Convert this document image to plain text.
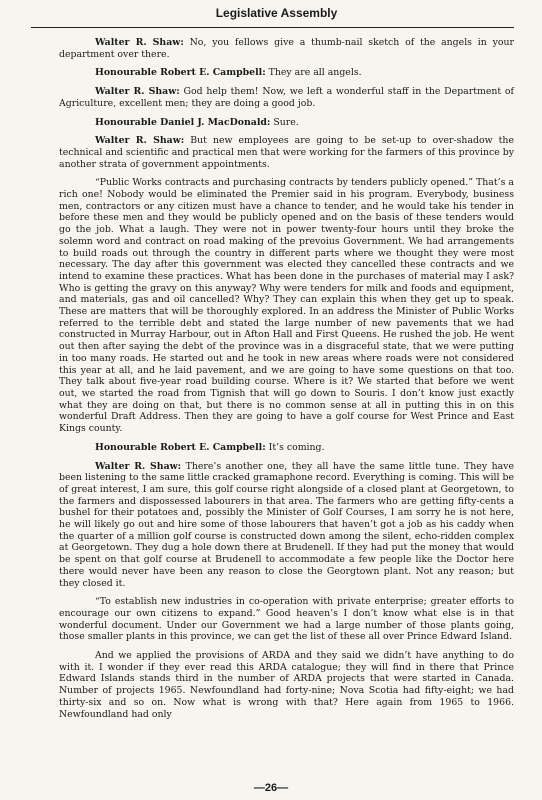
Legislative Assembly

Walter R. Shaw: No, you fellows give a thumb-nail sketch of the angels in your department over there.

Honourable Robert E. Campbell: They are all angels.

Walter R. Shaw: God help them! Now, we left a wonderful staff in the Department of Agriculture, excellent men; they are doing a good job.

Honourable Daniel J. MacDonald: Sure.

Walter R. Shaw: But new employees are going to be set-up to over-shadow the technical and scientific and practical men that were working for the farmers of this province by another strata of government appointments.

“Public Works contracts and purchasing contracts by tenders publicly opened.” That’s a rich one! Nobody would be eliminated the Premier said in his program. Everybody, business men, contractors or any citizen must have a chance to tender, and he would take his tender in before these men and they would be publicly opened and on the basis of these tenders would go the job. What a laugh. They were not in power twenty-four hours until they broke the solemn word and contract on road making of the prevoius Government. We had arrangements to build roads out through the country in different parts where we thought they were most necessary. The day after this government was elected they cancelled these contracts and we intend to examine these practices. What has been done in the purchases of material may I ask? Who is getting the gravy on this anyway? Why were tenders for milk and foods and equipment, and materials, gas and oil cancelled? Why? They can explain this when they get up to speak. These are matters that will be thoroughly explored. In an address the Minister of Public Works referred to the terrible debt and stated the large number of new pavements that we had constructed in Murray Harbour, out in Afton Hall and First Queens. He rushed the job. He went out then after saying the debt of the province was in a disgraceful state, that we were putting in too many roads. He started out and he took in new areas where roads were not considered this year at all, and he laid pavement, and we are going to have some questions on that too. They talk about five-year road building course. Where is it? We started that before we went out, we started the road from Tignish that will go down to Souris. I don’t know just exactly what they are doing on that, but there is no common sense at all in putting this in on this wonderful Draft Address. Then they are going to have a golf course for West Prince and East Kings county.

Honourable Robert E. Campbell: It’s coming.

Walter R. Shaw: There’s another one, they all have the same little tune. They have been listening to the same little cracked gramaphone record. Everything is coming. This will be of great interest, I am sure, this golf course right alongside of a closed plant at Georgetown, to the farmers and dispossessed labourers in that area. The farmers who are getting fifty-cents a bushel for their potatoes and, possibly the Minister of Golf Courses, I am sorry he is not here, he will likely go out and hire some of those labourers that haven’t got a job as his caddy when the quarter of a million golf course is constructed down among the silent, echo-ridden complex at Georgetown. They dug a hole down there at Brudenell. If they had put the money that would be spent on that golf course at Brudenell to accommodate a few people like the Doctor here there would never have been any reason to close the Georgtown plant. Not any reason; but they closed it.

“To establish new industries in co-operation with private enterprise; greater efforts to encourage our own citizens to expand.” Good heaven’s I don’t know what else is in that wonderful document. Under our Government we had a large number of those plants going, those smaller plants in this province, we can get the list of these all over Prince Edward Island.

And we applied the provisions of ARDA and they said we didn’t have anything to do with it. I wonder if they ever read this ARDA catalogue; they will find in there that Prince Edward Islands stands third in the number of ARDA projects that were started in Canada. Number of projects 1965. Newfoundland had forty-nine; Nova Scotia had fifty-eight; we had thirty-six and so on. Now what is wrong with that? Here again from 1965 to 1966. Newfoundland had only

—26—
